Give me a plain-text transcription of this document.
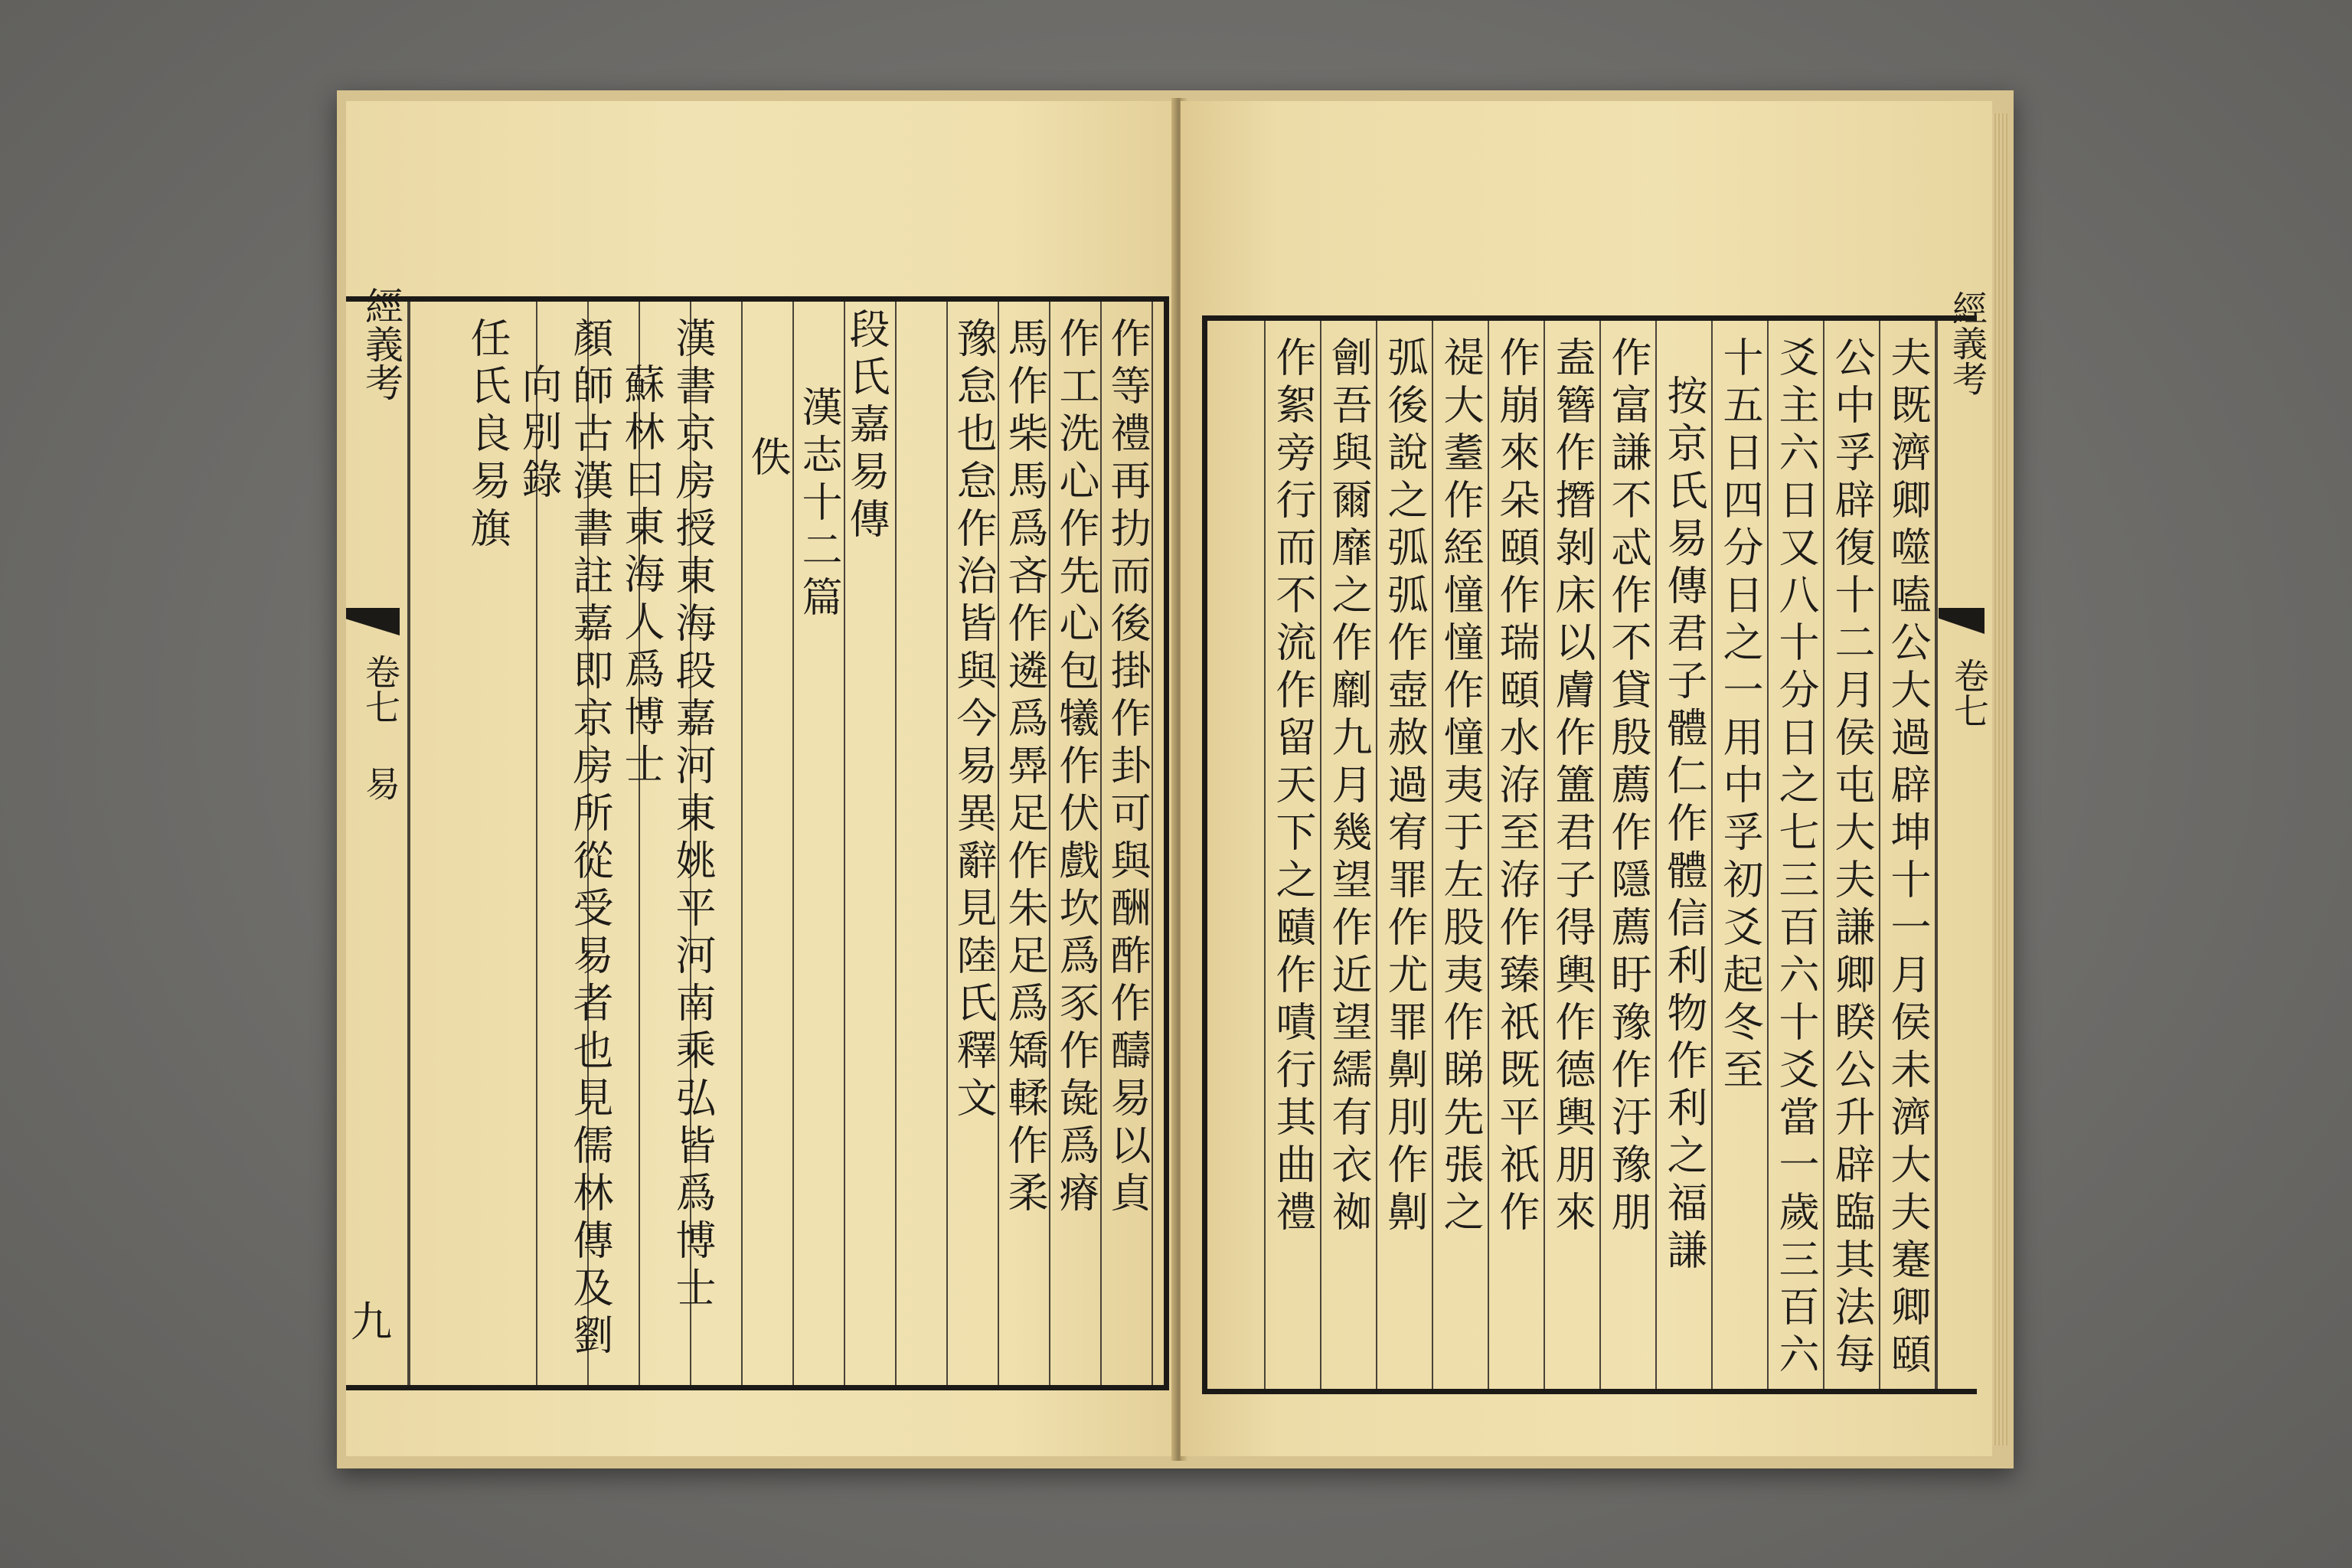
作等禮再扐而後掛作卦可與酬酢作醻易以貞
作工洗心作先心包犧作伏戲坎爲豕作彘爲瘠
馬作柴馬爲吝作遴爲馵足作朱足爲矯輮作柔
豫怠也怠作治皆與今易異辭見陸氏釋文
段氏嘉易傳
漢志十二篇
佚
漢書京房授東海段嘉河東姚平河南乘弘皆爲博士
蘇林曰東海人爲博士
顏師古漢書註嘉即京房所從受易者也見儒林傳及劉
向別錄
任氏良易旗
經義考
卷七 易
九	夫既濟卿噬嗑公大過辟坤十一月侯未濟大夫蹇卿頤
公中孚辟復十二月侯屯大夫謙卿睽公升辟臨其法每
爻主六日又八十分日之七三百六十爻當一歲三百六
十五日四分日之一用中孚初爻起冬至
按京氏易傳君子體仁作體信利物作利之福謙
作富謙不忒作不貸殷薦作隱薦盱豫作汙豫朋
盍簪作撍剝床以膚作簠君子得輿作德輿朋來
作崩來朵頤作瑞頤水洊至洊作臻祇既平祇作
禔大耋作絰憧憧作憧夷于左股夷作睇先張之
弧後說之弧弧作壺赦過宥罪作尤罪劓刖作劓
劊吾與爾靡之作劘九月幾望作近望繻有衣袽
作絮旁行而不流作留天下之賾作嘖行其曲禮	經義考
卷七
